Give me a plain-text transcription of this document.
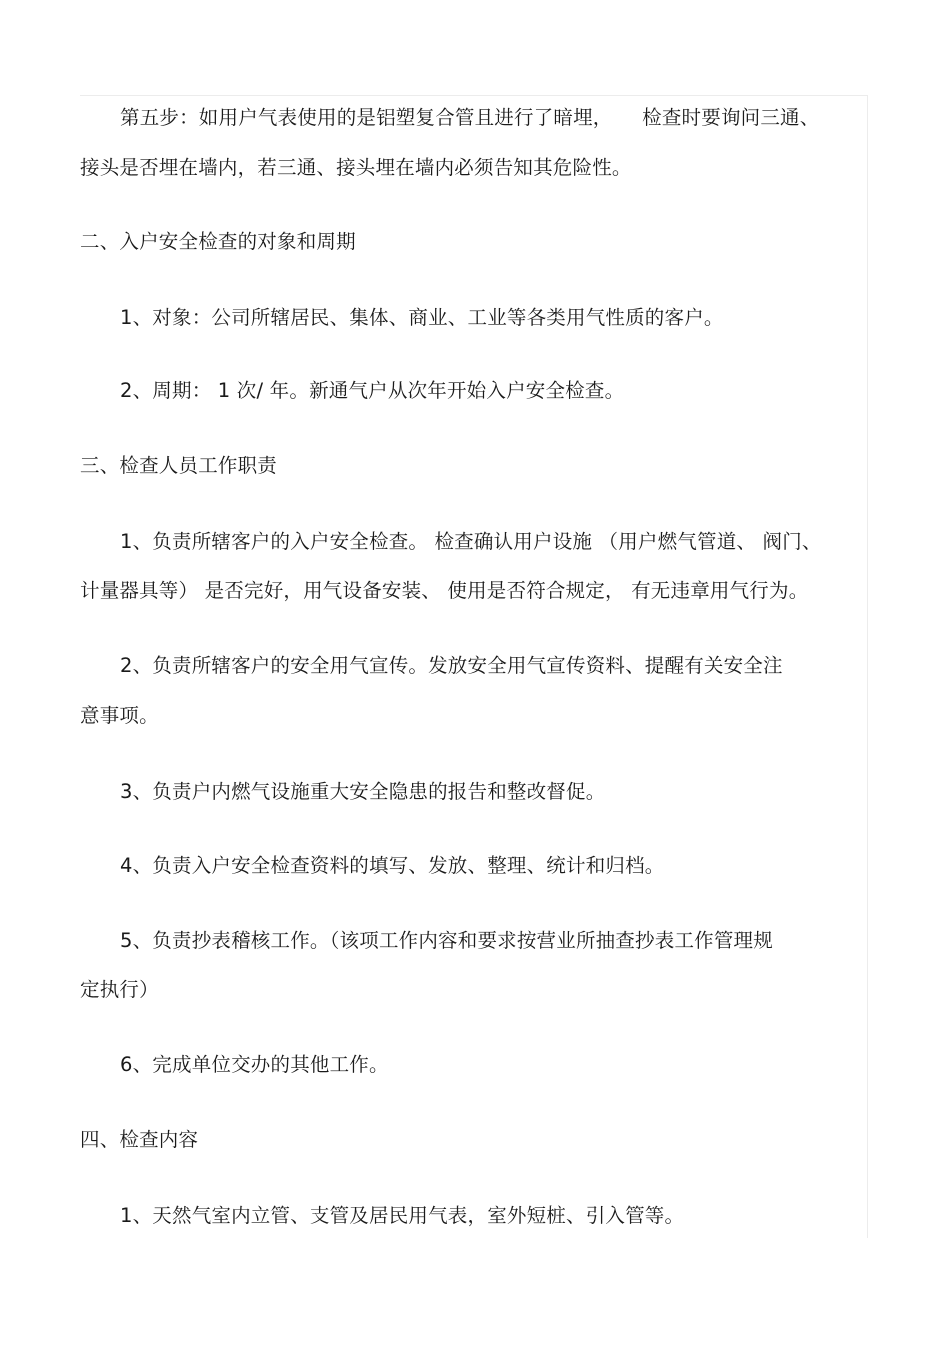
第五步：如用户气表使用的是铝塑复合管且进行了暗埋，　　检查时要询问三通、
接头是否埋在墙内，若三通、接头埋在墙内必须告知其危险性。
二、入户安全检查的对象和周期
1、对象：公司所辖居民、集体、商业、工业等各类用气性质的客户。
2、周期： 1 次/ 年。新通气户从次年开始入户安全检查。
三、检查人员工作职责
1、负责所辖客户的入户安全检查。 检查确认用户设施 （用户燃气管道、 阀门、
计量器具等） 是否完好，用气设备安装、 使用是否符合规定， 有无违章用气行为。
2、负责所辖客户的安全用气宣传。发放安全用气宣传资料、提醒有关安全注
意事项。
3、负责户内燃气设施重大安全隐患的报告和整改督促。
4、负责入户安全检查资料的填写、发放、整理、统计和归档。
5、负责抄表稽核工作。（该项工作内容和要求按营业所抽查抄表工作管理规
定执行）
6、完成单位交办的其他工作。
四、检查内容
1、天然气室内立管、支管及居民用气表，室外短桩、引入管等。
